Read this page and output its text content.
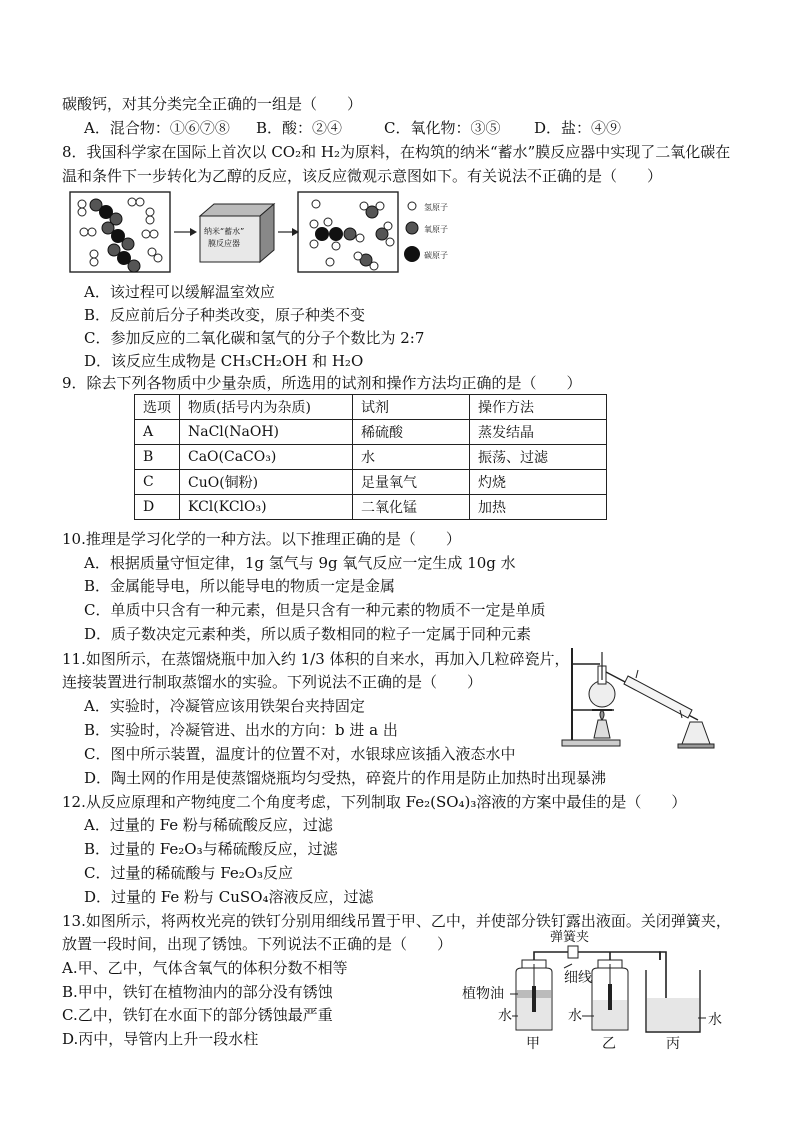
碳酸钙，对其分类完全正确的一组是（　　）
A．混合物：①⑥⑦⑧ B．酸：②④	C．氧化物：③⑤ D．盐：④⑨
8．我国科学家在国际上首次以 CO₂和 H₂为原料，在构筑的纳米“蓄水”膜反应器中实现了二氧化碳在
温和条件下一步转化为乙醇的反应，该反应微观示意图如下。有关说法不正确的是（　　）
纳米“蓄水”
膜反应器
氢原子
氧原子
碳原子
A．该过程可以缓解温室效应
B．反应前后分子种类改变，原子种类不变
C．参加反应的二氧化碳和氢气的分子个数比为 2:7
D．该反应生成物是 CH₃CH₂OH 和 H₂O
9．除去下列各物质中少量杂质，所选用的试剂和操作方法均正确的是（　　）
选项	物质(括号内为杂质)	试剂	操作方法
A	NaCl(NaOH)	稀硫酸	蒸发结晶
B	CaO(CaCO₃)	水	振荡、过滤
C	CuO(铜粉)	足量氧气	灼烧
D	KCl(KClO₃)	二氧化锰	加热
10.推理是学习化学的一种方法。以下推理正确的是（　　）
A．根据质量守恒定律，1g 氢气与 9g 氧气反应一定生成 10g 水
B．金属能导电，所以能导电的物质一定是金属
C．单质中只含有一种元素，但是只含有一种元素的物质不一定是单质
D．质子数决定元素种类，所以质子数相同的粒子一定属于同种元素
11.如图所示，在蒸馏烧瓶中加入约 1/3 体积的自来水，再加入几粒碎瓷片，
连接装置进行制取蒸馏水的实验。下列说法不正确的是（　　）
A．实验时，冷凝管应该用铁架台夹持固定
B．实验时，冷凝管进、出水的方向：b 进 a 出
C．图中所示装置，温度计的位置不对，水银球应该插入液态水中
D．陶土网的作用是使蒸馏烧瓶均匀受热，碎瓷片的作用是防止加热时出现暴沸
12.从反应原理和产物纯度二个角度考虑，下列制取 Fe₂(SO₄)₃溶液的方案中最佳的是（　　）
A．过量的 Fe 粉与稀硫酸反应，过滤
B．过量的 Fe₂O₃与稀硫酸反应，过滤
C．过量的稀硫酸与 Fe₂O₃反应
D．过量的 Fe 粉与 CuSO₄溶液反应，过滤
13.如图所示，将两枚光亮的铁钉分别用细线吊置于甲、乙中，并使部分铁钉露出液面。关闭弹簧夹，
放置一段时间，出现了锈蚀。下列说法不正确的是（　　）
A.甲、乙中，气体含氧气的体积分数不相等
B.甲中，铁钉在植物油内的部分没有锈蚀
C.乙中，铁钉在水面下的部分锈蚀最严重
D.丙中，导管内上升一段水柱
弹簧夹
细线
植物油
水	水	水
甲	乙	丙
